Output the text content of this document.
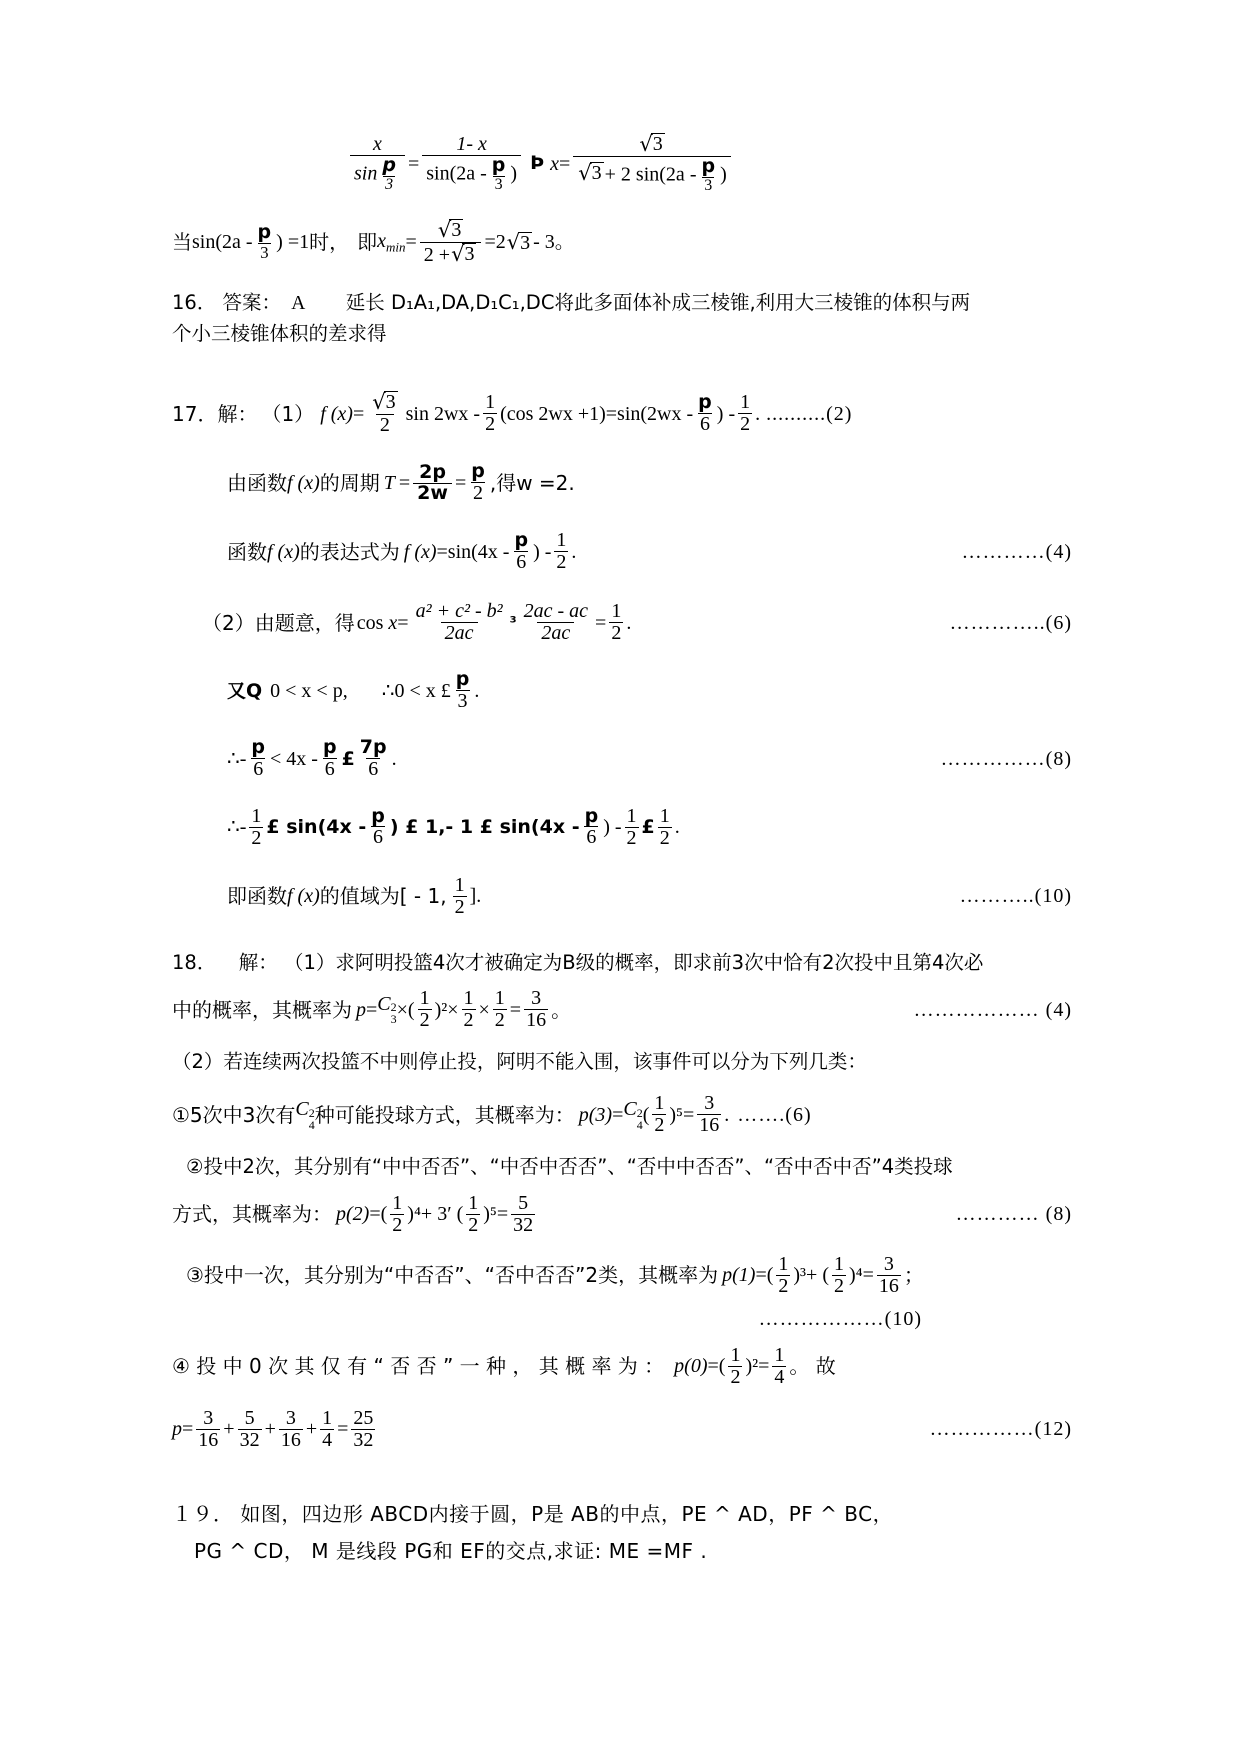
x
sin p
3 = 1- x
sin(2a - p
3 ) Þ x = √ 3
√ 3 + 2 sin(2a - p
3 )
当 sin(2a - p
3 ) =1 时， 即 $x_{min} = \frac{√ 3}{2 + √ 3} =2$ √ 3 - 3。
16． 答案： A 延长 D₁A₁,DA,D₁C₁,DC将此多面体补成三棱锥,利用大三棱锥的体积与两
个小三棱锥体积的差求得
17． 解： （1） f $(x) = \frac{√ 3}{2}$ sin 2wx -
1
2 (cos 2wx +1) =sin(2wx -
p
6 ) -
1
2 . ..........(2)
由函数 f (x) 的周期 $T = \frac{2p}{2w} = \frac{p}{2}$ ,得w =2.
函数 f (x) 的表达式为 f (x) =sin(4x -
p
6 ) -
1
2 .	…………(4)
（2） 由题意，得 $\cos x = \frac{\text{a² + c² - b²}}{2ac} ^3 \frac{2ac - ac}{2ac} = \frac{1}{2}$ .	…………..(6)
又Q
0 < x < p, ∴0 < x £
p
3 .
∴-
p
6 < 4x -
p
6 £
7p
6 .	……………(8)
∴-
1
2 £ sin(4x -
p
6 ) £ 1,- 1 £ sin(4x -
p
6 ) -
1
2 £ 1
2 .
即函数 f (x) 的值域为[ - 1, 1
2 ].	………..(10)
18． 解： （1）求阿明投篮4次才被确定为B级的概率，即求前3次中恰有2次投中且第4次必
中的概率，其概率为 p = C 2
3 ×(
1
2 )$^2 \times \frac{1}{2} \times \frac{1}{2} = \frac{3}{16}$ 。	……………… (4)
（2）若连续两次投篮不中则停止投，阿明不能入围，该事件可以分为下列几类：
①5次中3次有 C 2
4 种可能投球方式，其概率为： p(3) = C 2
4 (
1
2 )$^5 = \frac{3}{16}$ . …….(6)
②投中2次，其分别有“中中否否”、“中否中否否”、“否中中否否”、“否中否中否”4类投球
方式，其概率为： p(2) =(
1
2 )⁴ + 3′ (
1
2 )$^5 = \frac{5}{32}$	………… (8)
③投中一次，其分别为“中否否”、“否中否否”2类，其概率为 p(1) =(
1
2 )³ + (
1
2 )$^4 = \frac{3}{16}$ ；
………………(10)
④ 投 中 0 次 其 仅 有 “ 否 否 ” 一 种 ， 其 概 率 为 ： p(0) =(
1
2 )$^2 = \frac{1}{4}$ 。 故
$p = \frac{3}{16} + \frac{5}{32} + \frac{3}{16} + \frac{1}{4} = \frac{25}{32}$	……………(12)
１９． 如图，四边形 ABCD内接于圆，P是 AB的中点，PE ^ AD，PF ^ BC，
PG ^ CD， M 是线段 PG和 EF的交点,求证: ME =MF .
